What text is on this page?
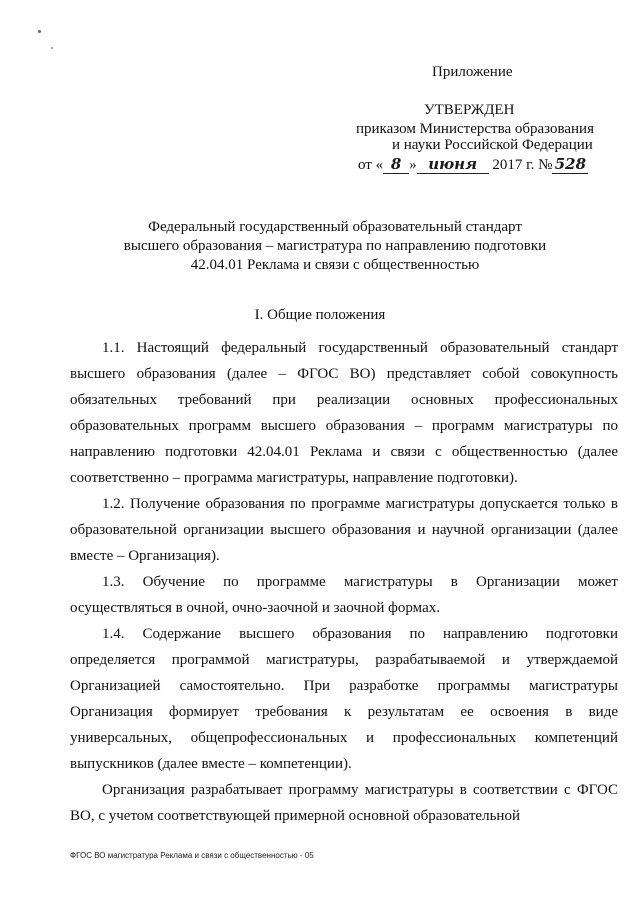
Приложение
УТВЕРЖДЕН
приказом Министерства образования
и науки Российской Федерации
от « 8 » июня 2017 г. № 528
Федеральный государственный образовательный стандарт
высшего образования – магистратура по направлению подготовки
42.04.01 Реклама и связи с общественностью
I. Общие положения
1.1. Настоящий федеральный государственный образовательный стандарт высшего образования (далее – ФГОС ВО) представляет собой совокупность обязательных требований при реализации основных профессиональных образовательных программ высшего образования – программ магистратуры по направлению подготовки 42.04.01 Реклама и связи с общественностью (далее соответственно – программа магистратуры, направление подготовки).
1.2. Получение образования по программе магистратуры допускается только в образовательной организации высшего образования и научной организации (далее вместе – Организация).
1.3. Обучение по программе магистратуры в Организации может осуществляться в очной, очно-заочной и заочной формах.
1.4. Содержание высшего образования по направлению подготовки определяется программой магистратуры, разрабатываемой и утверждаемой Организацией самостоятельно. При разработке программы магистратуры Организация формирует требования к результатам ее освоения в виде универсальных, общепрофессиональных и профессиональных компетенций выпускников (далее вместе – компетенции).
Организация разрабатывает программу магистратуры в соответствии с ФГОС ВО, с учетом соответствующей примерной основной образовательной
ФГОС ВО магистратура Реклама и связи с общественностью - 05
